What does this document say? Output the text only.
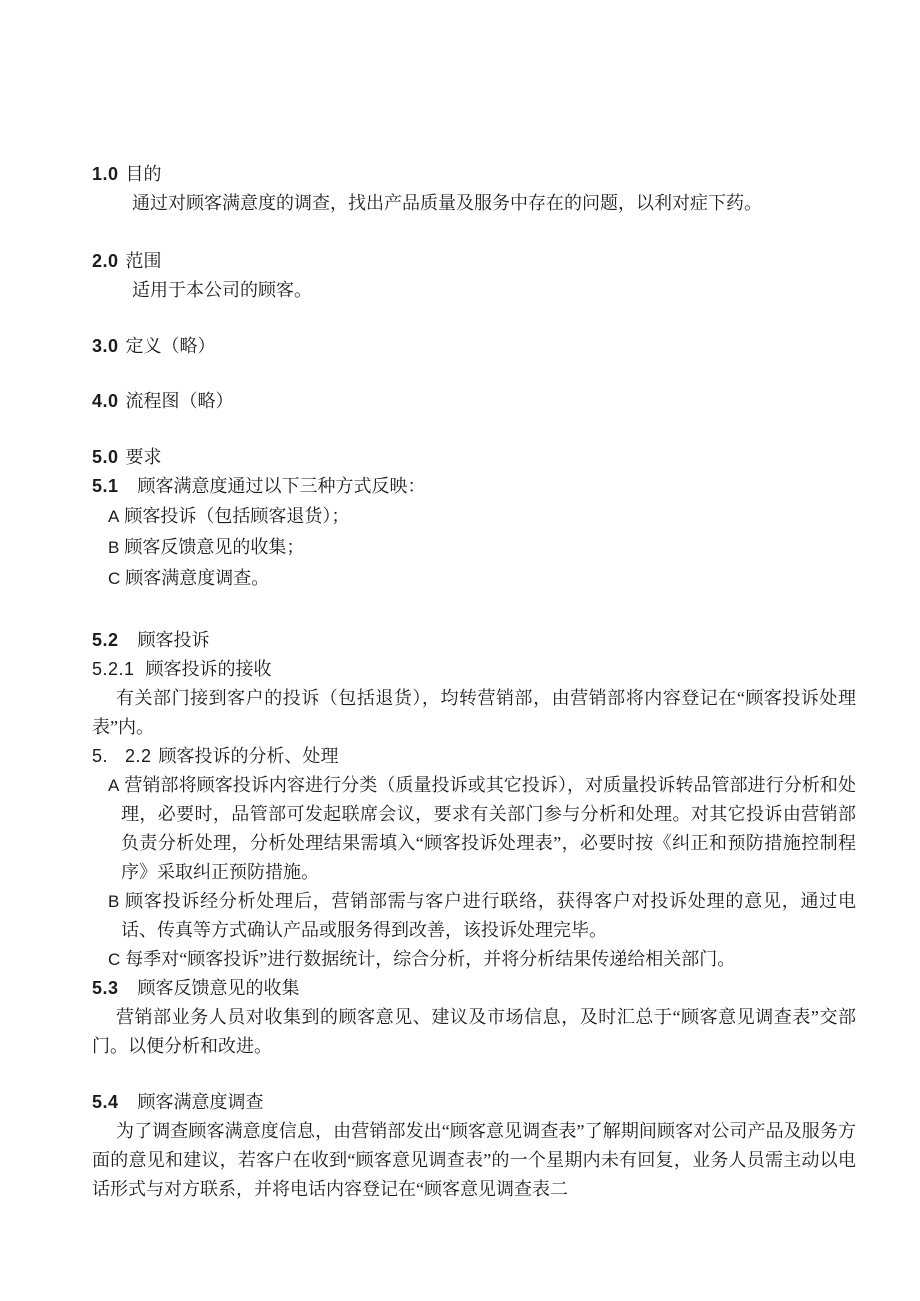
1.0 目的

通过对顾客满意度的调查，找出产品质量及服务中存在的问题，以利对症下药。

2.0 范围

适用于本公司的顾客。

3.0 定义（略）
4.0 流程图（略）
5.0 要求
5.1 顾客满意度通过以下三种方式反映：
A 顾客投诉（包括顾客退货）；
B 顾客反馈意见的收集；
C 顾客满意度调查。
5.2 顾客投诉
5.2.1 顾客投诉的接收

有关部门接到客户的投诉（包括退货），均转营销部，由营销部将内容登记在“顾客投诉处理表”内。

5. 2.2 顾客投诉的分析、处理
A 营销部将顾客投诉内容进行分类（质量投诉或其它投诉），对质量投诉转品管部进行分析和处理，必要时，品管部可发起联席会议，要求有关部门参与分析和处理。对其它投诉由营销部负责分析处理，分析处理结果需填入“顾客投诉处理表”，必要时按《纠正和预防措施控制程序》采取纠正预防措施。
B 顾客投诉经分析处理后，营销部需与客户进行联络，获得客户对投诉处理的意见，通过电话、传真等方式确认产品或服务得到改善，该投诉处理完毕。
C 每季对“顾客投诉”进行数据统计，综合分析，并将分析结果传递给相关部门。
5.3 顾客反馈意见的收集

营销部业务人员对收集到的顾客意见、建议及市场信息，及时汇总于“顾客意见调查表”交部门。以便分析和改进。

5.4 顾客满意度调查

为了调查顾客满意度信息，由营销部发出“顾客意见调查表”了解期间顾客对公司产品及服务方面的意见和建议，若客户在收到“顾客意见调查表”的一个星期内未有回复，业务人员需主动以电话形式与对方联系，并将电话内容登记在“顾客意见调查表二
